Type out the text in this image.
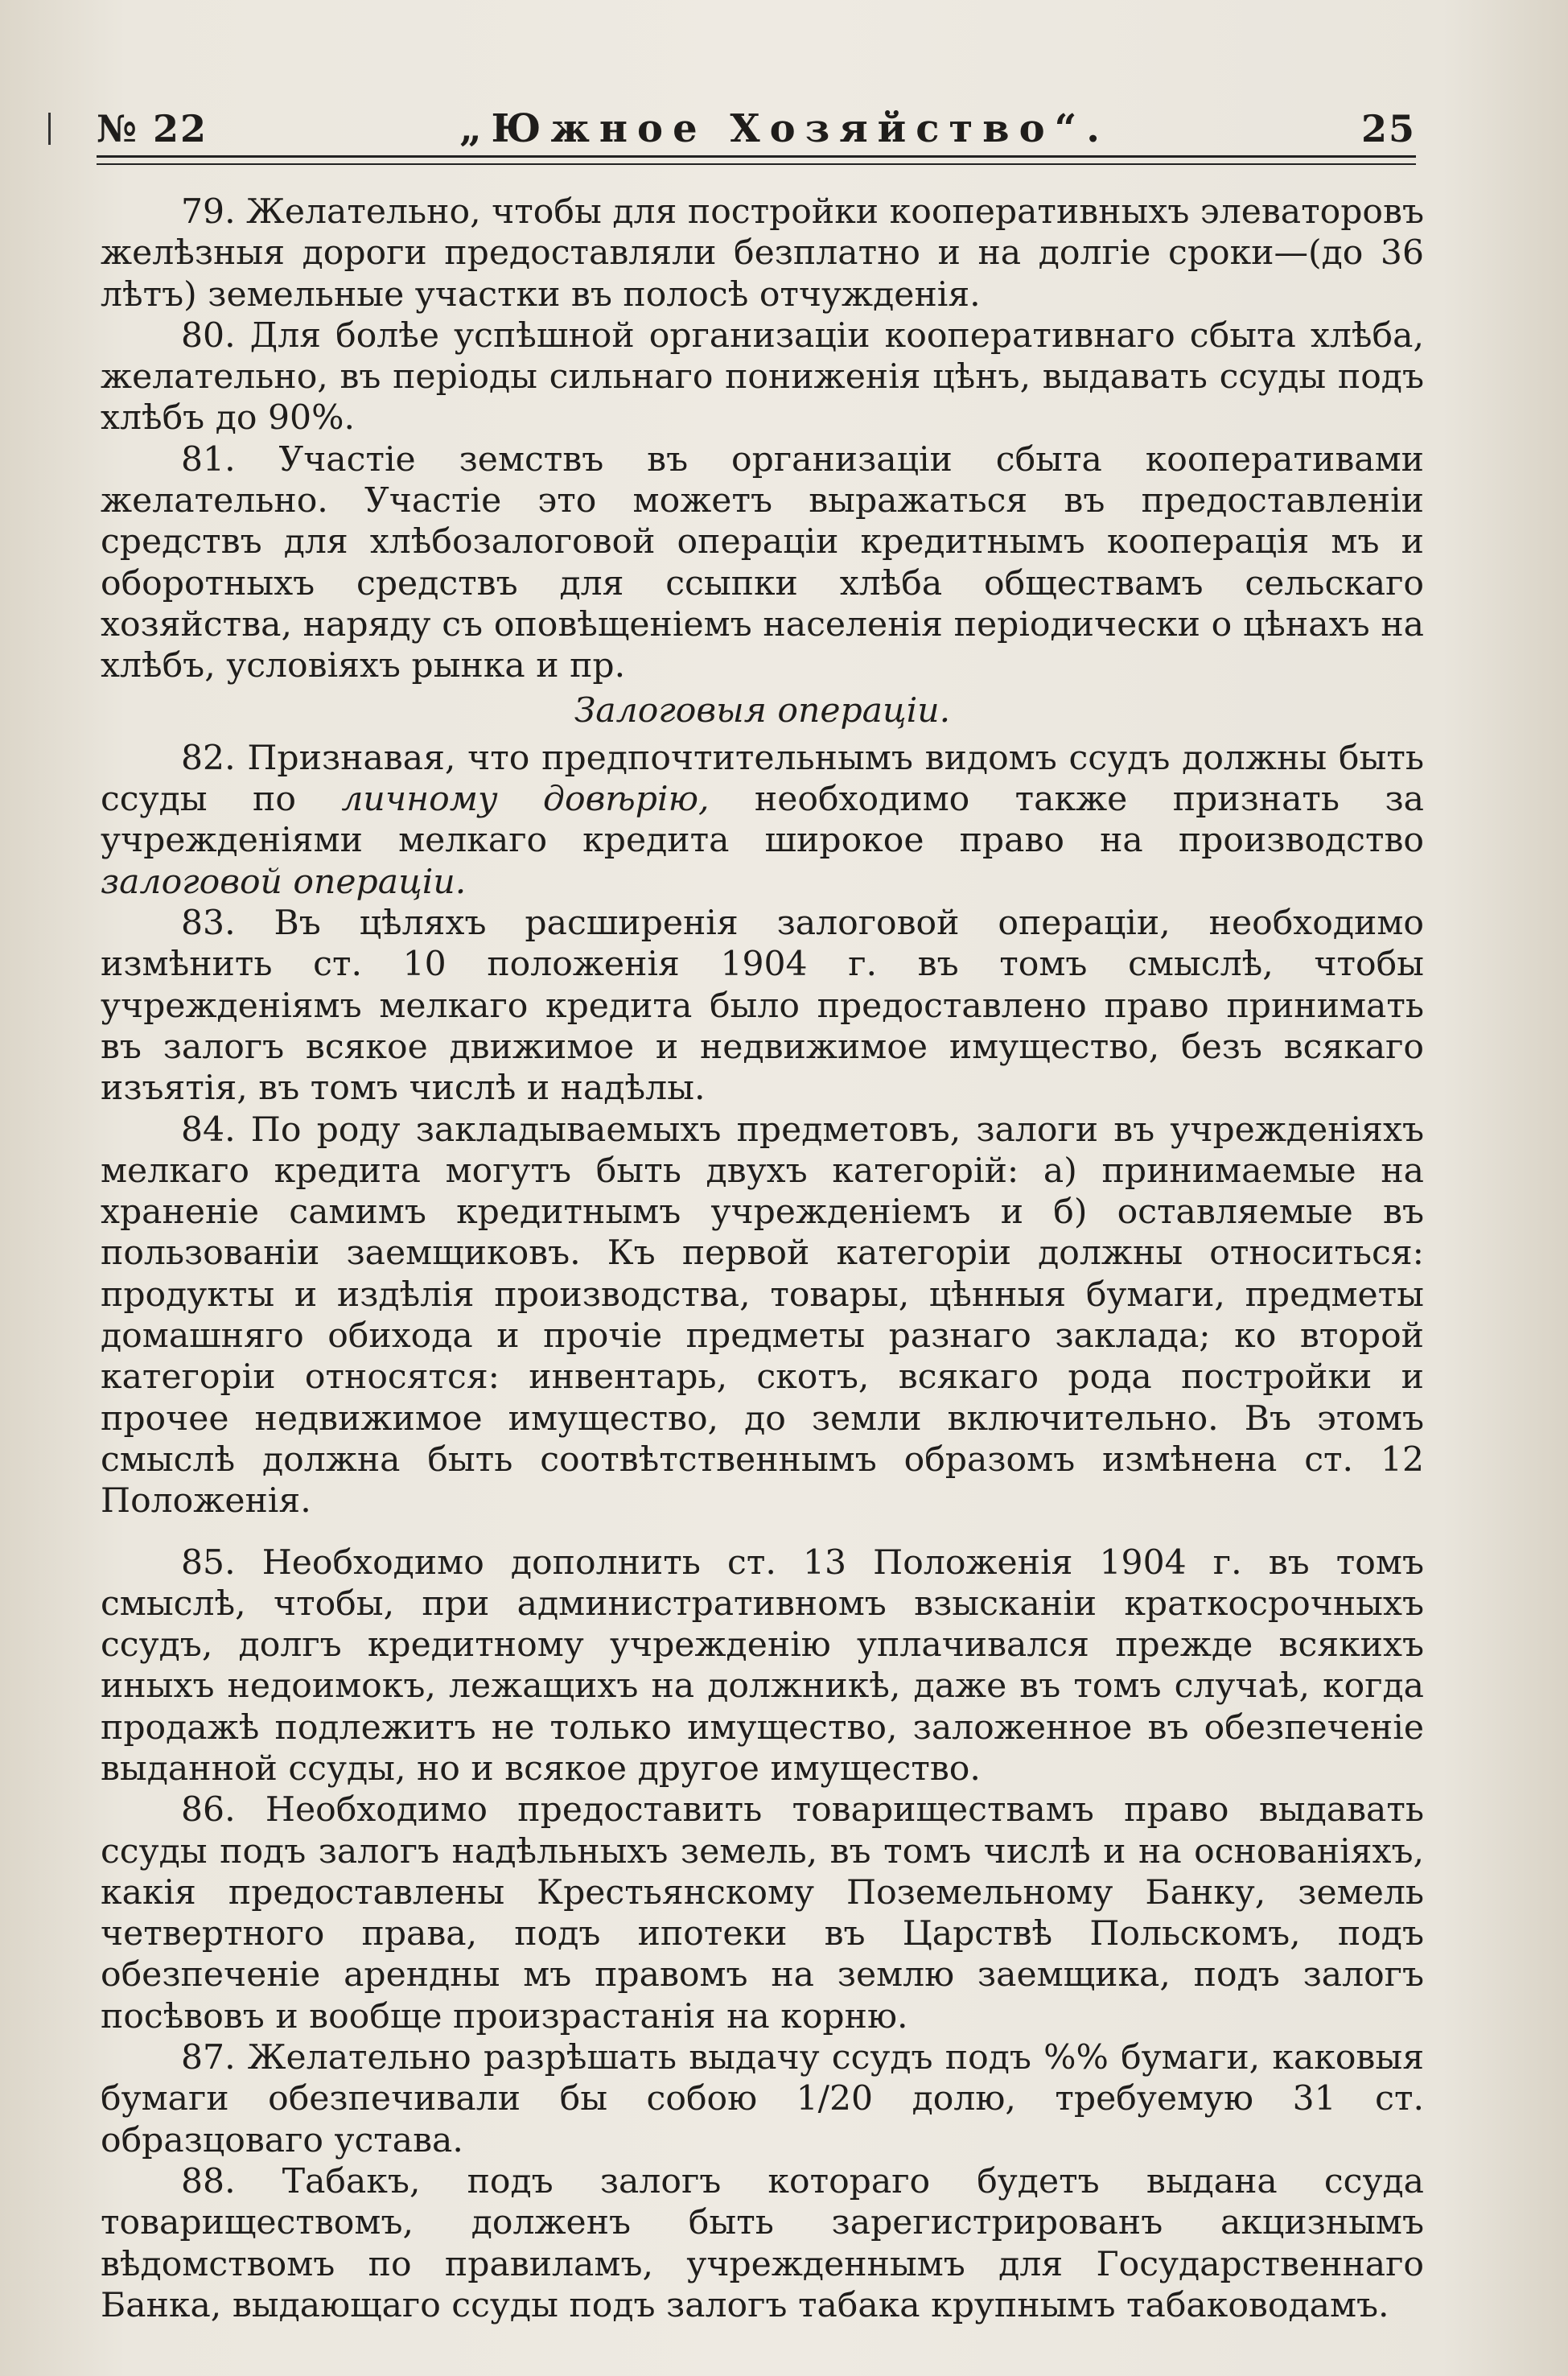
№ 22	„Южное Хозяйство“.	25

79. Желательно, чтобы для постройки кооперативныхъ элеваторовъ желѣзныя дороги предоставляли безплатно и на долгіе сроки—(до 36 лѣтъ) земельные участки въ полосѣ отчужденія.

80. Для болѣе успѣшной организаціи кооперативнаго сбыта хлѣба, желательно, въ періоды сильнаго пониженія цѣнъ, выдавать ссуды подъ хлѣбъ до 90%.

81. Участіе земствъ въ организаціи сбыта кооперативами желательно. Участіе это можетъ выражаться въ предоставленіи средствъ для хлѣбозалоговой операціи кредитнымъ кооперація мъ и оборотныхъ средствъ для ссыпки хлѣба обществамъ сельскаго хозяйства, наряду съ оповѣщеніемъ населенія періодически о цѣнахъ на хлѣбъ, условіяхъ рынка и пр.

Залоговыя операціи.

82. Признавая, что предпочтительнымъ видомъ ссудъ должны быть ссуды по личному довѣрію, необходимо также признать за учрежденіями мелкаго кредита широкое право на производство залоговой операціи.

83. Въ цѣляхъ расширенія залоговой операціи, необходимо измѣнить ст. 10 положенія 1904 г. въ томъ смыслѣ, чтобы учрежденіямъ мелкаго кредита было предоставлено право принимать въ залогъ всякое движимое и недвижимое имущество, безъ всякаго изъятія, въ томъ числѣ и надѣлы.

84. По роду закладываемыхъ предметовъ, залоги въ учрежденіяхъ мелкаго кредита могутъ быть двухъ категорій: а) принимаемые на храненіе самимъ кредитнымъ учрежденіемъ и б) оставляемые въ пользованіи заемщиковъ. Къ первой категоріи должны относиться: продукты и издѣлія производства, товары, цѣнныя бумаги, предметы домашняго обихода и прочіе предметы разнаго заклада; ко второй категоріи относятся: инвентарь, скотъ, всякаго рода постройки и прочее недвижимое имущество, до земли включительно. Въ этомъ смыслѣ должна быть соотвѣтственнымъ образомъ измѣнена ст. 12 Положенія.

85. Необходимо дополнить ст. 13 Положенія 1904 г. въ томъ смыслѣ, чтобы, при административномъ взысканіи краткосрочныхъ ссудъ, долгъ кредитному учрежденію уплачивался прежде всякихъ иныхъ недоимокъ, лежащихъ на должникѣ, даже въ томъ случаѣ, когда продажѣ подлежитъ не только имущество, заложенное въ обезпеченіе выданной ссуды, но и всякое другое имущество.

86. Необходимо предоставить товариществамъ право выдавать ссуды подъ залогъ надѣльныхъ земель, въ томъ числѣ и на основаніяхъ, какія предоставлены Крестьянскому Поземельному Банку, земель четвертного права, подъ ипотеки въ Царствѣ Польскомъ, подъ обезпеченіе арендны мъ правомъ на землю заемщика, подъ залогъ посѣвовъ и вообще произрастанія на корню.

87. Желательно разрѣшать выдачу ссудъ подъ %% бумаги, каковыя бумаги обезпечивали бы собою 1/20 долю, требуемую 31 ст. образцоваго устава.

88. Табакъ, подъ залогъ котораго будетъ выдана ссуда товариществомъ, долженъ быть зарегистрированъ акцизнымъ вѣдомствомъ по правиламъ, учрежденнымъ для Государственнаго Банка, выдающаго ссуды подъ залогъ табака крупнымъ табаководамъ.
